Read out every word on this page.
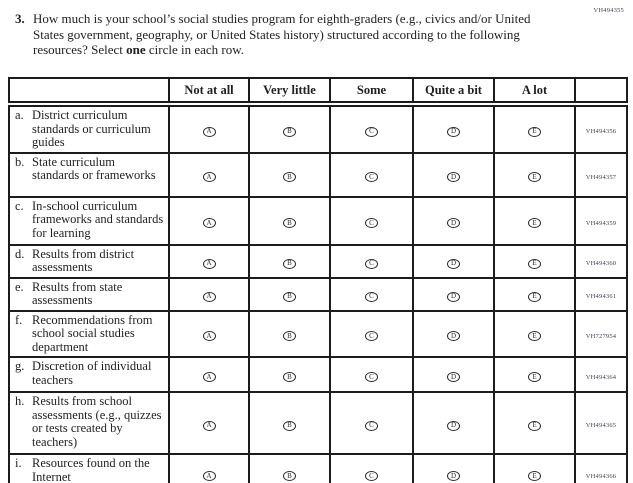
VH494355
3. How much is your school’s social studies program for eighth-graders (e.g., civics and/or United States government, geography, or United States history) structured according to the following resources? Select one circle in each row.

	Not at all	Very little	Some	Quite a bit	A lot	

a. District curriculum standards or curriculum guides	A	B	C	D	E	VH494356

b. State curriculum standards or frameworks	A	B	C	D	E	VH494357

c. In-school curriculum frameworks and standards for learning	A	B	C	D	E	VH494359

d. Results from district assessments	A	B	C	D	E	VH494360

e. Results from state assessments	A	B	C	D	E	VH494361

f. Recommendations from school social studies department	A	B	C	D	E	VH727954

g. Discretion of individual teachers	A	B	C	D	E	VH494364

h. Results from school assessments (e.g., quizzes or tests created by teachers)	A	B	C	D	E	VH494365

i. Resources found on the Internet	A	B	C	D	E	VH494366
